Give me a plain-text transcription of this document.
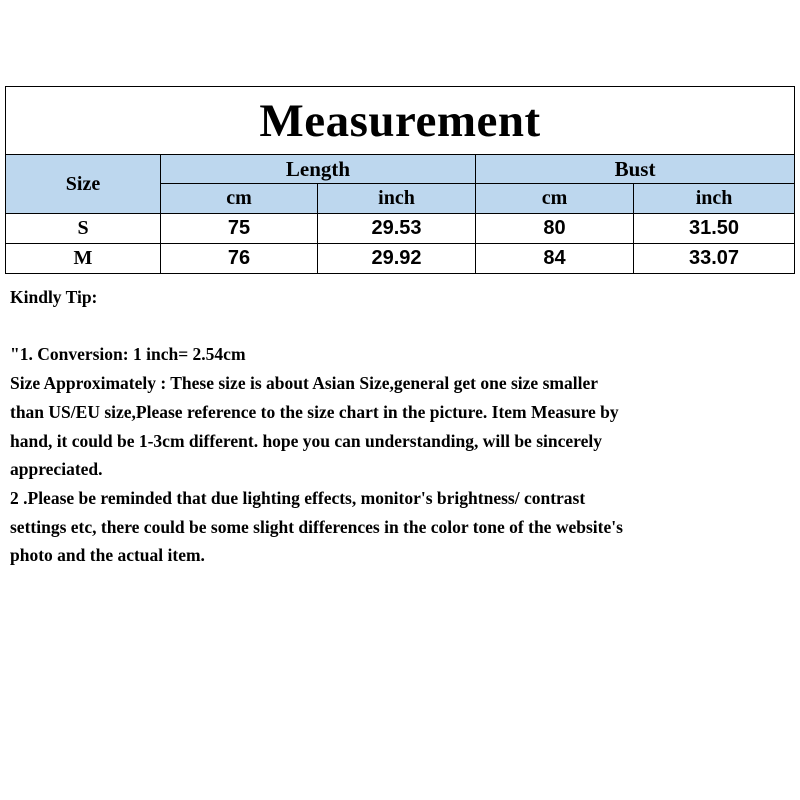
Measurement				
Size	Length		Bust	
	cm	inch	cm	inch
S	75	29.53	80	31.50
M	76	29.92	84	33.07

Kindly Tip:

"1. Conversion: 1 inch= 2.54cm

Size Approximately : These size is about Asian Size,general get one size smaller

than US/EU size,Please reference to the size chart in the picture. Item Measure by

hand, it could be 1-3cm different. hope you can understanding, will be sincerely

appreciated.

2 .Please be reminded that due lighting effects, monitor's brightness/ contrast

settings etc, there could be some slight differences in the color tone of the website's

photo and the actual item.
